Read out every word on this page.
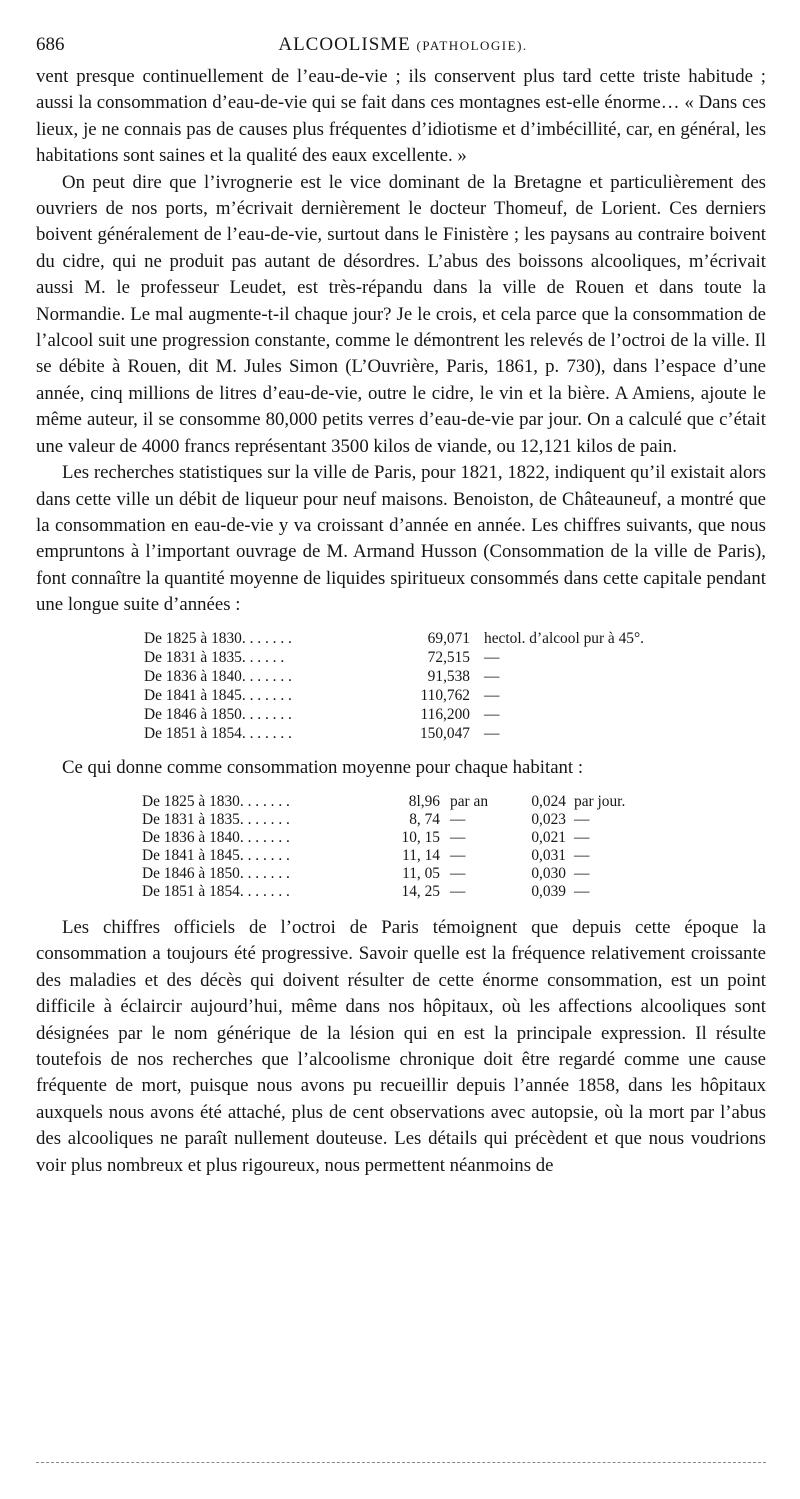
686	ALCOOLISME (PATHOLOGIE).

vent presque continuellement de l’eau-de-vie ; ils conservent plus tard cette triste habitude ; aussi la consommation d’eau-de-vie qui se fait dans ces montagnes est-elle énorme… « Dans ces lieux, je ne connais pas de causes plus fréquentes d’idiotisme et d’imbécillité, car, en général, les habitations sont saines et la qualité des eaux excellente. »

On peut dire que l’ivrognerie est le vice dominant de la Bretagne et particulièrement des ouvriers de nos ports, m’écrivait dernièrement le docteur Thomeuf, de Lorient. Ces derniers boivent généralement de l’eau-de-vie, surtout dans le Finistère ; les paysans au contraire boivent du cidre, qui ne produit pas autant de désordres. L’abus des boissons alcooliques, m’écrivait aussi M. le professeur Leudet, est très-répandu dans la ville de Rouen et dans toute la Normandie. Le mal augmente-t-il chaque jour? Je le crois, et cela parce que la consommation de l’alcool suit une progression constante, comme le démontrent les relevés de l’octroi de la ville. Il se débite à Rouen, dit M. Jules Simon (L’Ouvrière, Paris, 1861, p. 730), dans l’espace d’une année, cinq millions de litres d’eau-de-vie, outre le cidre, le vin et la bière. A Amiens, ajoute le même auteur, il se consomme 80,000 petits verres d’eau-de-vie par jour. On a calculé que c’était une valeur de 4000 francs représentant 3500 kilos de viande, ou 12,121 kilos de pain.

Les recherches statistiques sur la ville de Paris, pour 1821, 1822, indiquent qu’il existait alors dans cette ville un débit de liqueur pour neuf maisons. Benoiston, de Châteauneuf, a montré que la consommation en eau-de-vie y va croissant d’année en année. Les chiffres suivants, que nous empruntons à l’important ouvrage de M. Armand Husson (Consommation de la ville de Paris), font connaître la quantité moyenne de liquides spiritueux consommés dans cette capitale pendant une longue suite d’années :

De 1825 à 1830. . . . . . .	69,071	hectol. d’alcool pur à 45°.
De 1831 à 1835. . . . . .	72,515	—
De 1836 à 1840. . . . . . .	91,538	—
De 1841 à 1845. . . . . . .	110,762	—
De 1846 à 1850. . . . . . .	116,200	—
De 1851 à 1854. . . . . . .	150,047	—

Ce qui donne comme consommation moyenne pour chaque habitant :

De 1825 à 1830. . . . . . .	8l,96	par an	0,024	par jour.
De 1831 à 1835. . . . . . .	8, 74	—	0,023	—
De 1836 à 1840. . . . . . .	10, 15	—	0,021	—
De 1841 à 1845. . . . . . .	11, 14	—	0,031	—
De 1846 à 1850. . . . . . .	11, 05	—	0,030	—
De 1851 à 1854. . . . . . .	14, 25	—	0,039	—

Les chiffres officiels de l’octroi de Paris témoignent que depuis cette époque la consommation a toujours été progressive. Savoir quelle est la fréquence relativement croissante des maladies et des décès qui doivent résulter de cette énorme consommation, est un point difficile à éclaircir aujourd’hui, même dans nos hôpitaux, où les affections alcooliques sont désignées par le nom générique de la lésion qui en est la principale expression. Il résulte toutefois de nos recherches que l’alcoolisme chronique doit être regardé comme une cause fréquente de mort, puisque nous avons pu recueillir depuis l’année 1858, dans les hôpitaux auxquels nous avons été attaché, plus de cent observations avec autopsie, où la mort par l’abus des alcooliques ne paraît nullement douteuse. Les détails qui précèdent et que nous voudrions voir plus nombreux et plus rigoureux, nous permettent néanmoins de
